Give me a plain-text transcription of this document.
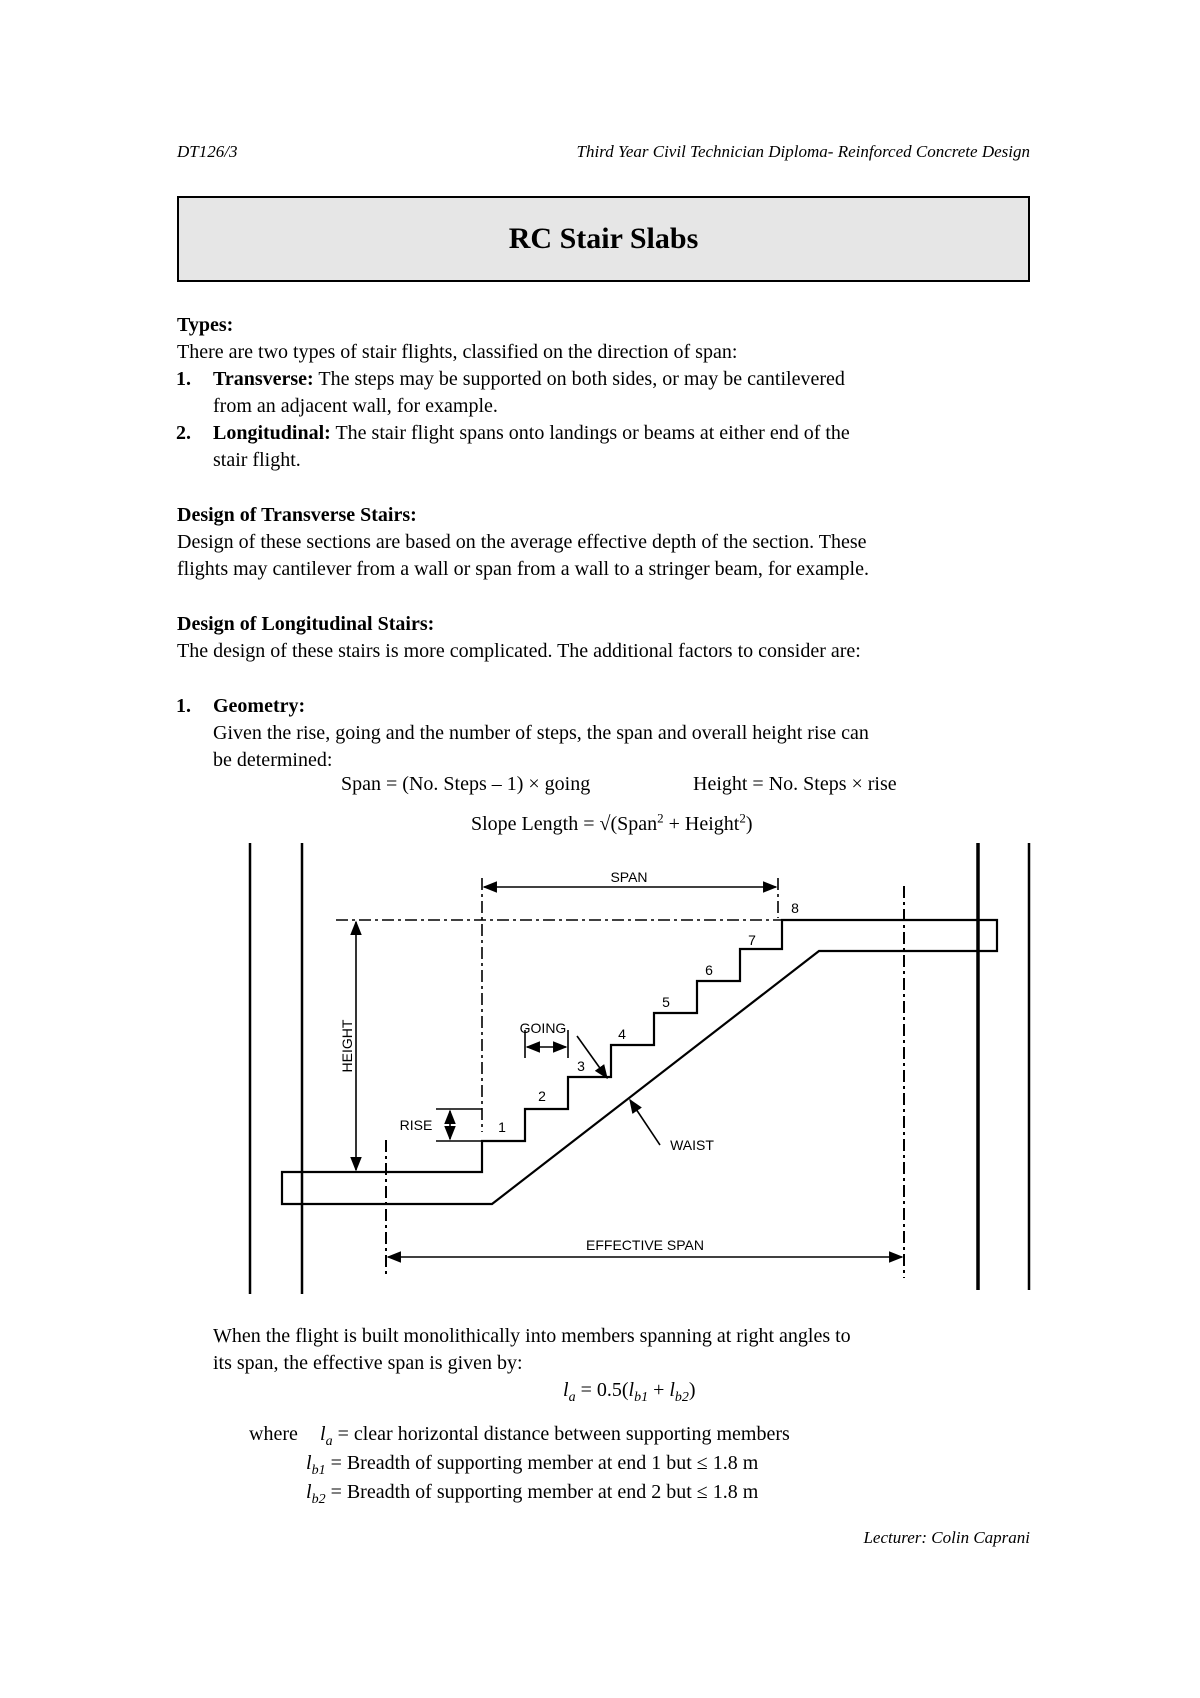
DT126/3	Third Year Civil Technician Diploma- Reinforced Concrete Design
RC Stair Slabs
Types:
There are two types of stair flights, classified on the direction of span:
1. Transverse: The steps may be supported on both sides, or may be cantilevered
from an adjacent wall, for example.
2. Longitudinal: The stair flight spans onto landings or beams at either end of the
stair flight.
Design of Transverse Stairs:
Design of these sections are based on the average effective depth of the section. These
flights may cantilever from a wall or span from a wall to a stringer beam, for example.
Design of Longitudinal Stairs:
The design of these stairs is more complicated. The additional factors to consider are:
1. Geometry:
Given the rise, going and the number of steps, the span and overall height rise can
be determined:
Span = (No. Steps – 1) × going	Height = No. Steps × rise
Slope Length = √(Span$^2$ + Height$^2$)
SPAN
HEIGHT	GOING
RISE
WAIST
EFFECTIVE SPAN
1
2
3
4
5
6
7
8
When the flight is built monolithically into members spanning at right angles to
its span, the effective span is given by:
$l_a = 0.5(l_{b1} + l_{b2})$
where $l_a$ = clear horizontal distance between supporting members
$l_{b1}$ = Breadth of supporting member at end 1 but ≤ 1.8 m
$l_{b2}$ = Breadth of supporting member at end 2 but ≤ 1.8 m
Lecturer: Colin Caprani
